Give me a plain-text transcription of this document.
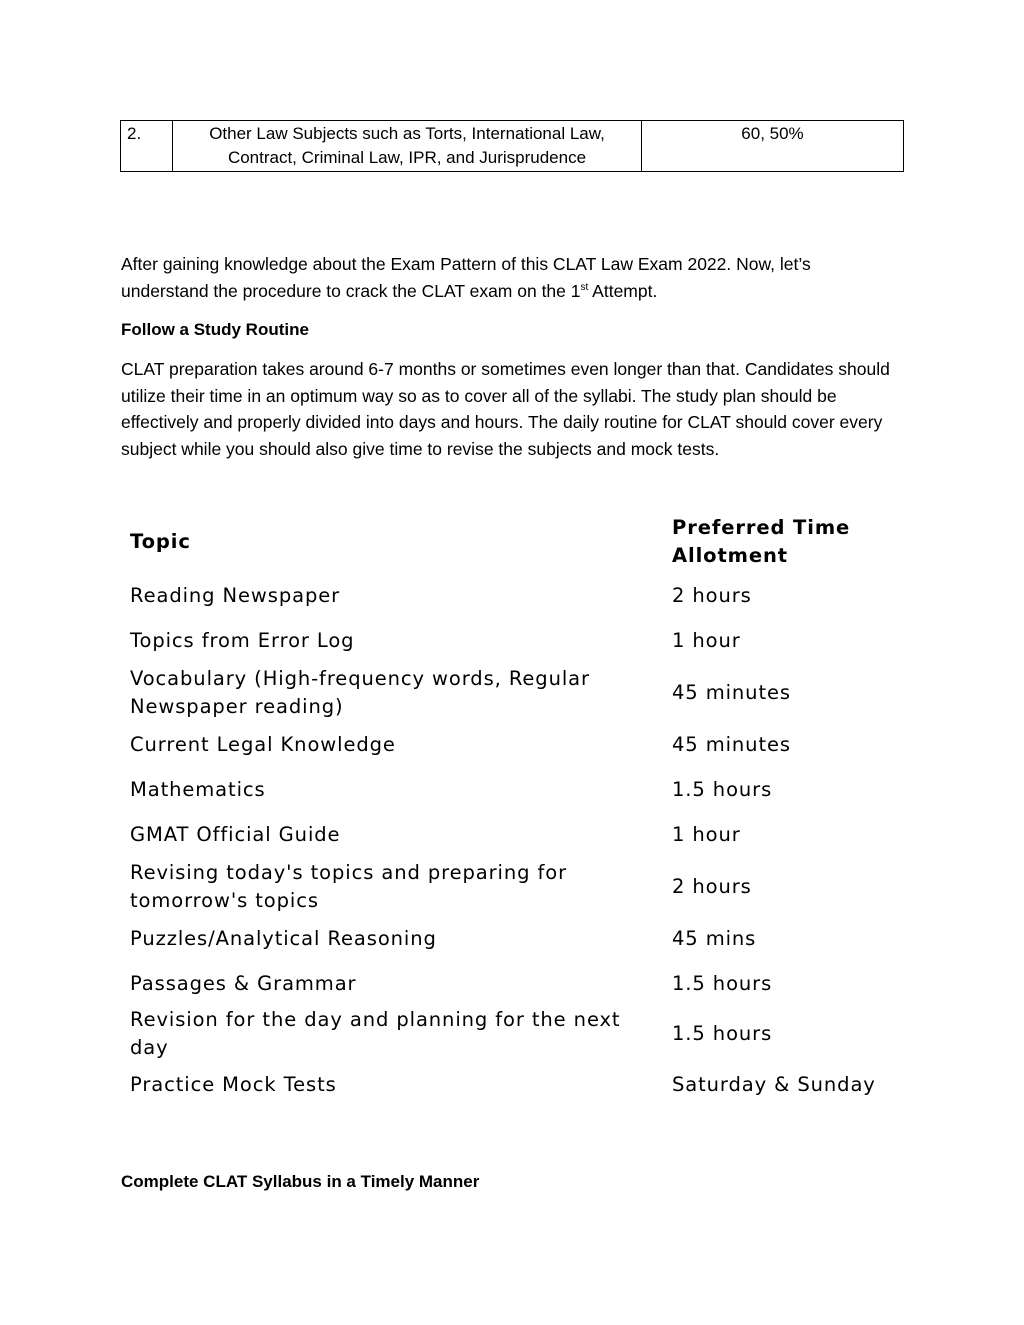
2.	Other Law Subjects such as Torts, International Law,
Contract, Criminal Law, IPR, and Jurisprudence	60, 50%

After gaining knowledge about the Exam Pattern of this CLAT Law Exam 2022. Now, let’s understand the procedure to crack the CLAT exam on the 1st Attempt.

Follow a Study Routine

CLAT preparation takes around 6-7 months or sometimes even longer than that. Candidates should utilize their time in an optimum way so as to cover all of the syllabi. The study plan should be effectively and properly divided into days and hours. The daily routine for CLAT should cover every subject while you should also give time to revise the subjects and mock tests.

Topic	Preferred Time Allotment
Reading Newspaper	2 hours
Topics from Error Log	1 hour
Vocabulary (High-frequency words, Regular Newspaper reading)	45 minutes
Current Legal Knowledge	45 minutes
Mathematics	1.5 hours
GMAT Official Guide	1 hour
Revising today's topics and preparing for tomorrow's topics	2 hours
Puzzles/Analytical Reasoning	45 mins
Passages & Grammar	1.5 hours
Revision for the day and planning for the next day	1.5 hours
Practice Mock Tests	Saturday & Sunday

Complete CLAT Syllabus in a Timely Manner
